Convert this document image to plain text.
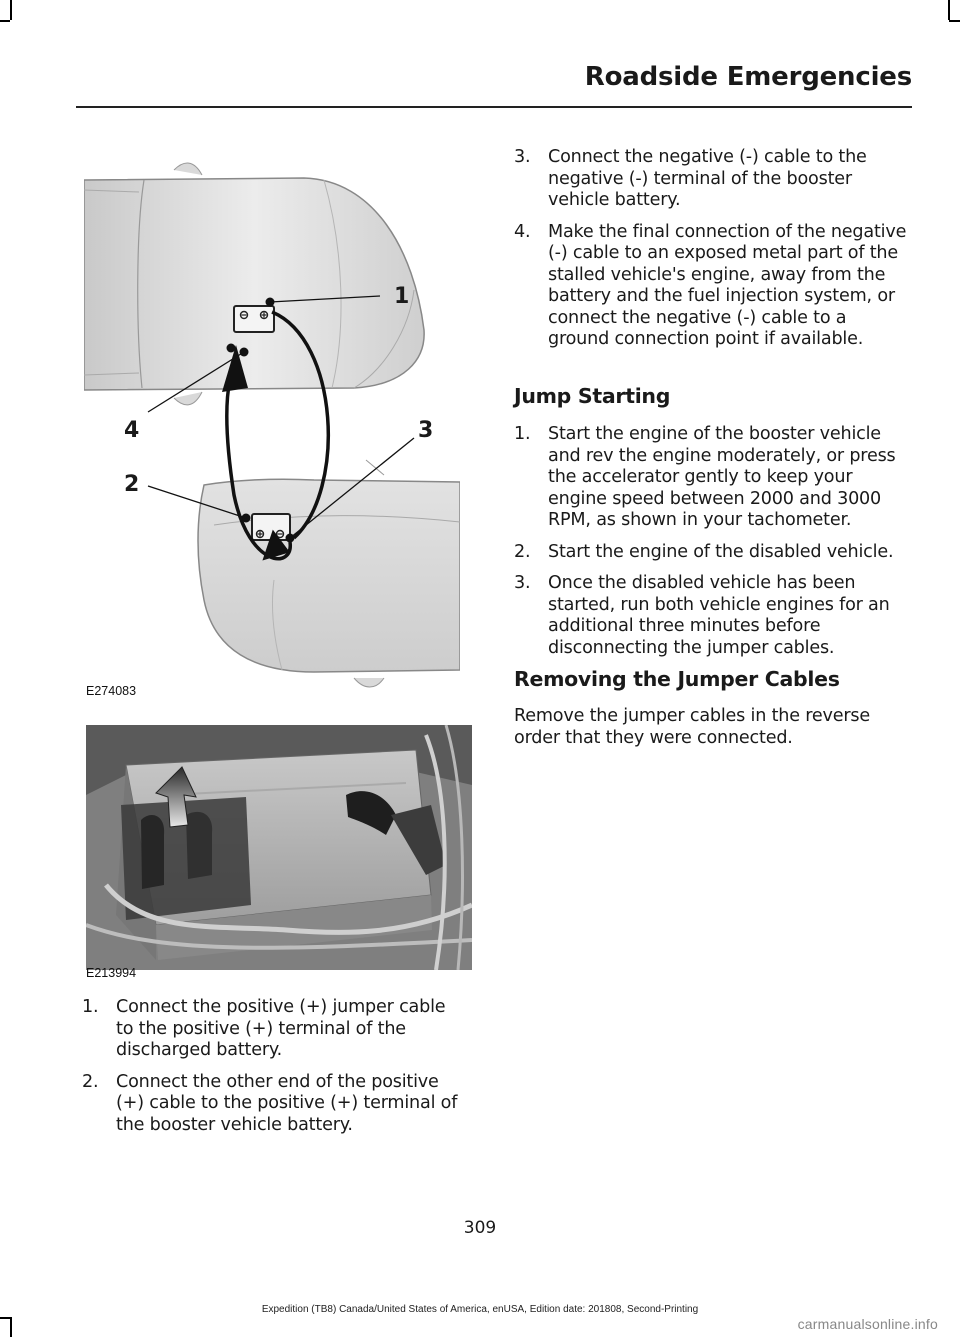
Roadside Emergencies
1
4	3
2
E274083
E213994
1. Connect the positive (+) jumper cable to the positive (+) terminal of the discharged battery.
2. Connect the other end of the positive (+) cable to the positive (+) terminal of the booster vehicle battery.
3. Connect the negative (-) cable to the negative (-) terminal of the booster vehicle battery.
4. Make the final connection of the negative (-) cable to an exposed metal part of the stalled vehicle's engine, away from the battery and the fuel injection system, or connect the negative (-) cable to a ground connection point if available.
Jump Starting
1. Start the engine of the booster vehicle and rev the engine moderately, or press the accelerator gently to keep your engine speed between 2000 and 3000 RPM, as shown in your tachometer.
2. Start the engine of the disabled vehicle.
3. Once the disabled vehicle has been started, run both vehicle engines for an additional three minutes before disconnecting the jumper cables.
Removing the Jumper Cables
Remove the jumper cables in the reverse order that they were connected.
309
Expedition (TB8) Canada/United States of America, enUSA, Edition date: 201808, Second-Printing
carmanualsonline.info
